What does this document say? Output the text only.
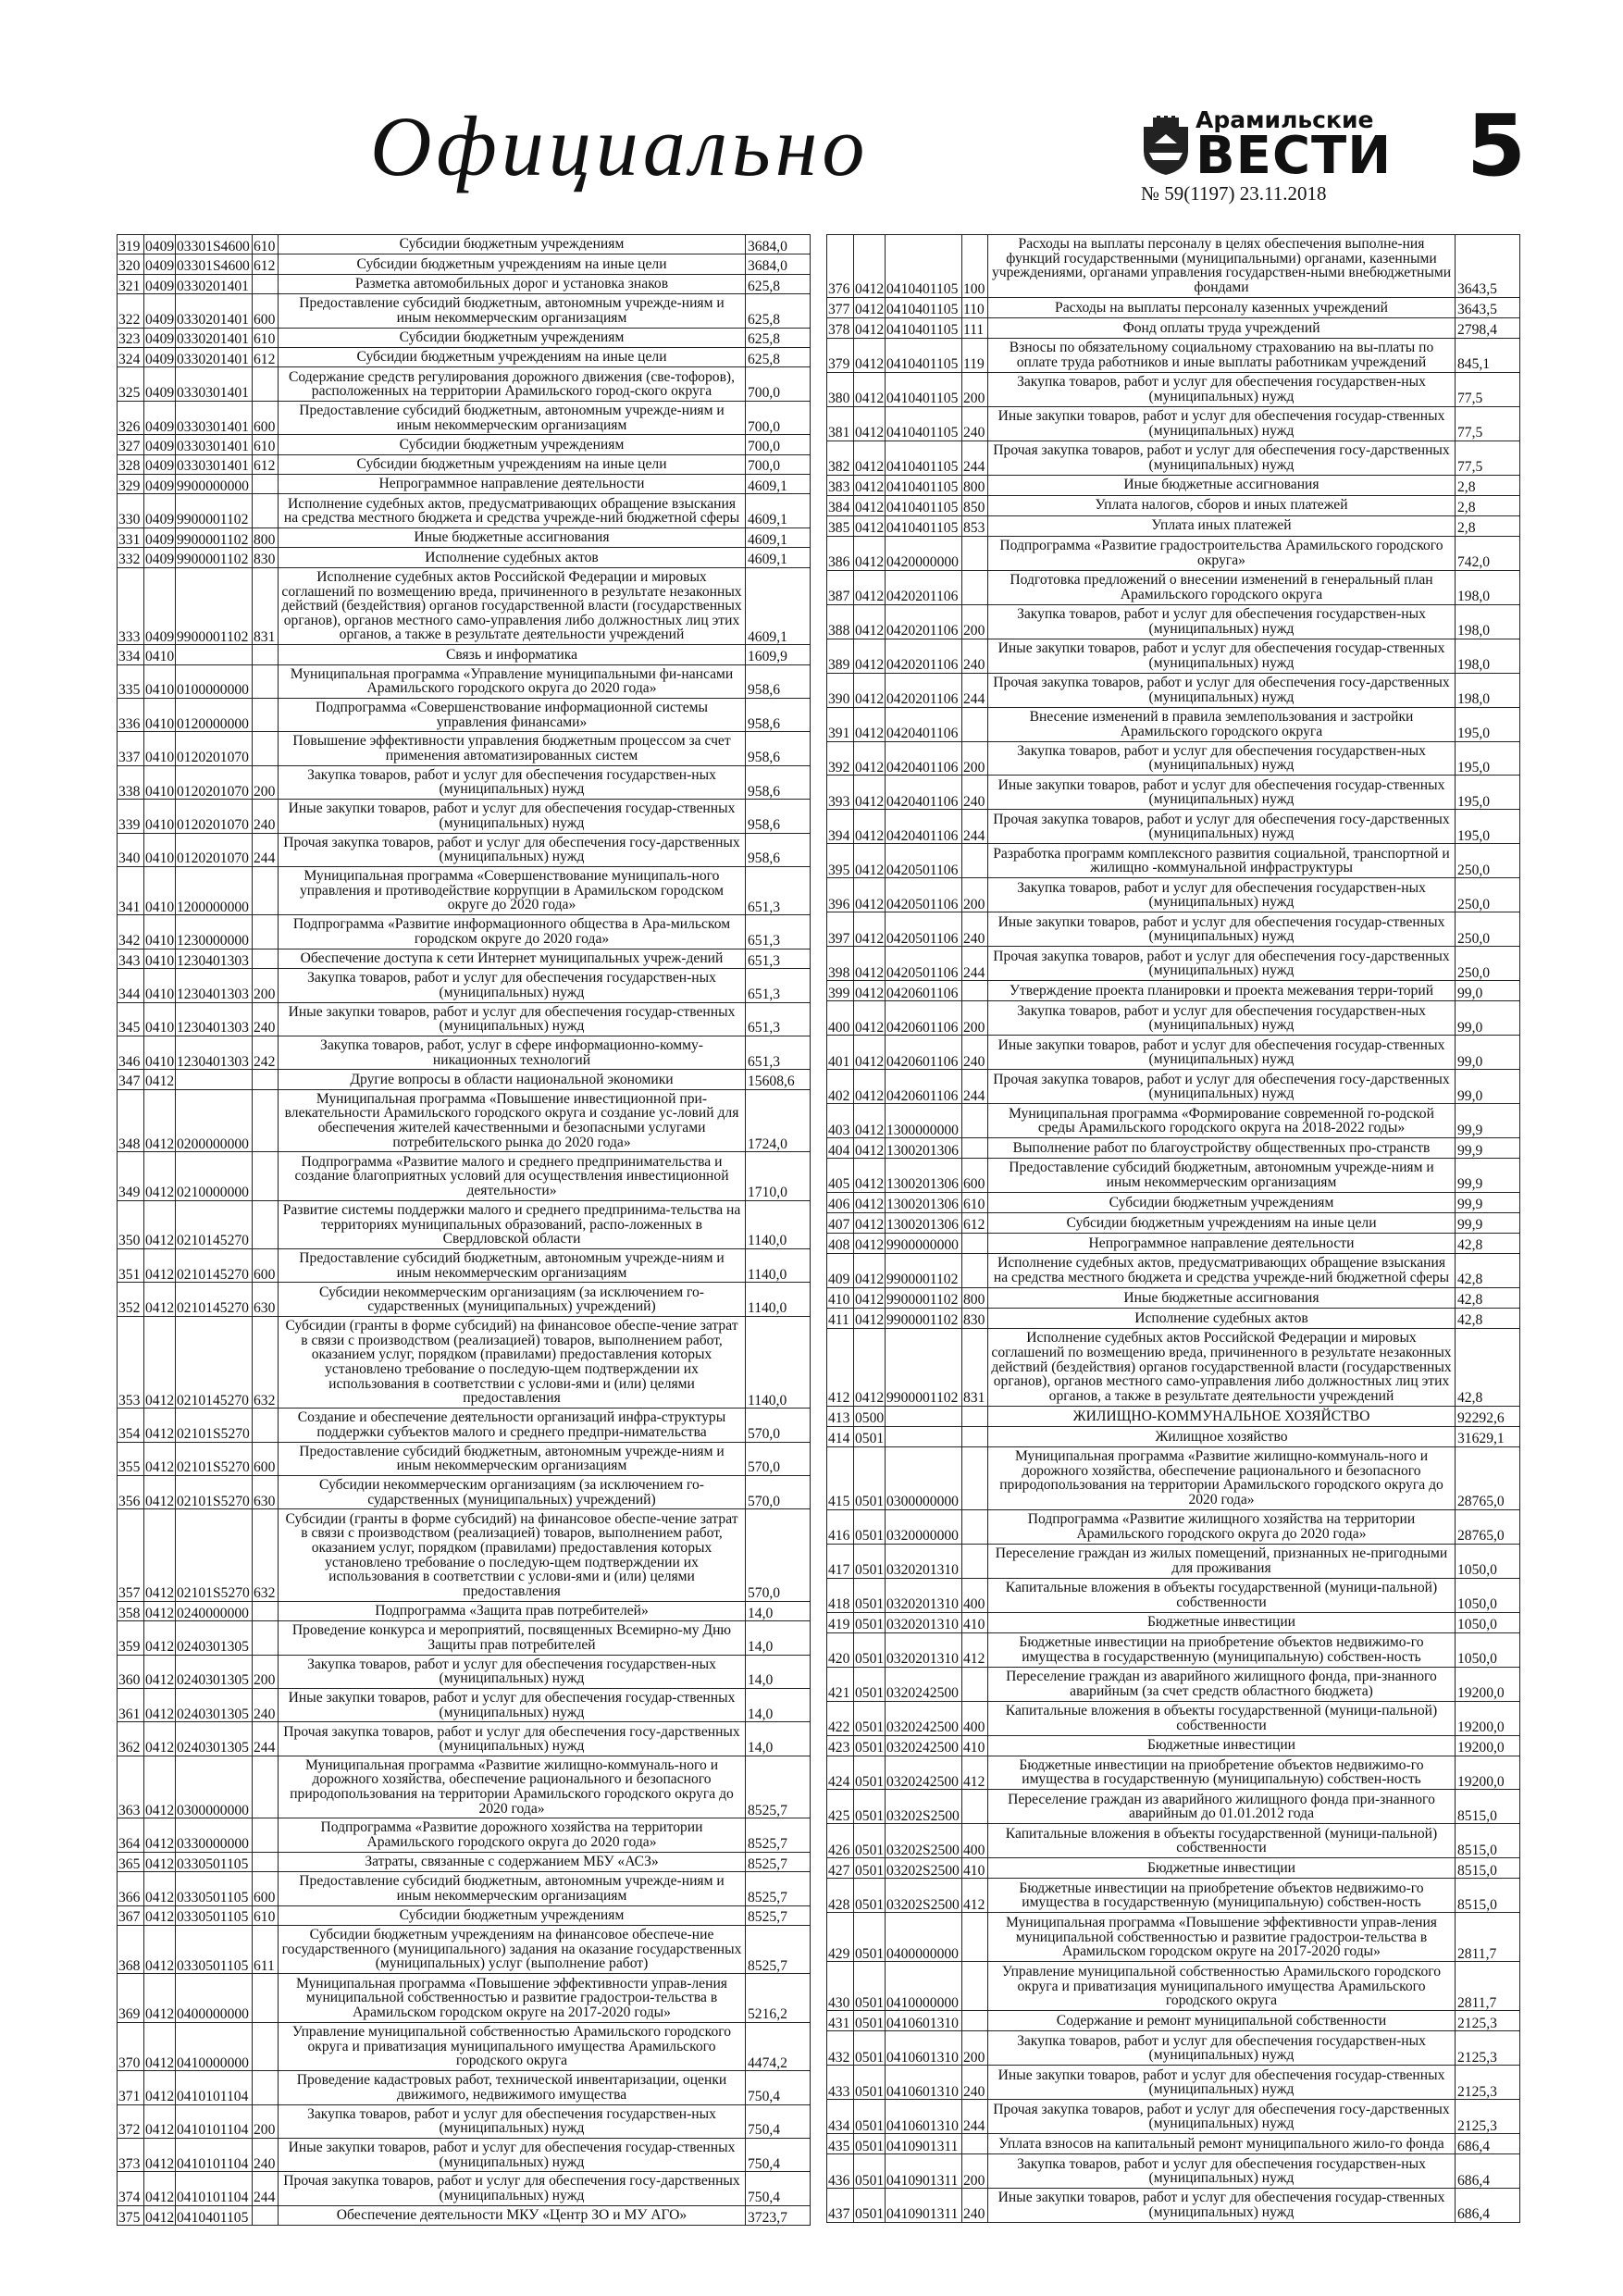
Официально	Арамильские
ВЕСТИ
№ 59(1197) 23.11.2018 5
319	0409	03301S4600	610	Субсидии бюджетным учреждениям	3684,0
320	0409	03301S4600	612	Субсидии бюджетным учреждениям на иные цели	3684,0
321	0409	0330201401		Разметка автомобильных дорог и установка знаков	625,8
322	0409	0330201401	600	Предоставление субсидий бюджетным, автономным учрежде-ниям и иным некоммерческим организациям	625,8
323	0409	0330201401	610	Субсидии бюджетным учреждениям	625,8
324	0409	0330201401	612	Субсидии бюджетным учреждениям на иные цели	625,8
325	0409	0330301401		Содержание средств регулирования дорожного движения (све-тофоров), расположенных на территории Арамильского город-ского округа	700,0
326	0409	0330301401	600	Предоставление субсидий бюджетным, автономным учрежде-ниям и иным некоммерческим организациям	700,0
327	0409	0330301401	610	Субсидии бюджетным учреждениям	700,0
328	0409	0330301401	612	Субсидии бюджетным учреждениям на иные цели	700,0
329	0409	9900000000		Непрограммное направление деятельности	4609,1
330	0409	9900001102		Исполнение судебных актов, предусматривающих обращение взыскания на средства местного бюджета и средства учрежде-ний бюджетной сферы	4609,1
331	0409	9900001102	800	Иные бюджетные ассигнования	4609,1
332	0409	9900001102	830	Исполнение судебных актов	4609,1
333	0409	9900001102	831	Исполнение судебных актов Российской Федерации и мировых соглашений по возмещению вреда, причиненного в результате незаконных действий (бездействия) органов государственной власти (государственных органов), органов местного само-управления либо должностных лиц этих органов, а также в результате деятельности учреждений	4609,1
334	0410			Связь и информатика	1609,9
335	0410	0100000000		Муниципальная программа «Управление муниципальными фи-нансами Арамильского городского округа до 2020 года»	958,6
336	0410	0120000000		Подпрограмма «Совершенствование информационной системы управления финансами»	958,6
337	0410	0120201070		Повышение эффективности управления бюджетным процессом за счет применения автоматизированных систем	958,6
338	0410	0120201070	200	Закупка товаров, работ и услуг для обеспечения государствен-ных (муниципальных) нужд	958,6
339	0410	0120201070	240	Иные закупки товаров, работ и услуг для обеспечения государ-ственных (муниципальных) нужд	958,6
340	0410	0120201070	244	Прочая закупка товаров, работ и услуг для обеспечения госу-дарственных (муниципальных) нужд	958,6
341	0410	1200000000		Муниципальная программа «Совершенствование муниципаль-ного управления и противодействие коррупции в Арамильском городском округе до 2020 года»	651,3
342	0410	1230000000		Подпрограмма «Развитие информационного общества в Ара-мильском городском округе до 2020 года»	651,3
343	0410	1230401303		Обеспечение доступа к сети Интернет муниципальных учреж-дений	651,3
344	0410	1230401303	200	Закупка товаров, работ и услуг для обеспечения государствен-ных (муниципальных) нужд	651,3
345	0410	1230401303	240	Иные закупки товаров, работ и услуг для обеспечения государ-ственных (муниципальных) нужд	651,3
346	0410	1230401303	242	Закупка товаров, работ, услуг в сфере информационно-комму-никационных технологий	651,3
347	0412			Другие вопросы в области национальной экономики	15608,6
348	0412	0200000000		Муниципальная программа «Повышение инвестиционной при-влекательности Арамильского городского округа и создание ус-ловий для обеспечения жителей качественными и безопасными услугами потребительского рынка до 2020 года»	1724,0
349	0412	0210000000		Подпрограмма «Развитие малого и среднего предпринимательства и создание благоприятных условий для осуществления инвестиционной деятельности»	1710,0
350	0412	0210145270		Развитие системы поддержки малого и среднего предпринима-тельства на территориях муниципальных образований, распо-ложенных в Свердловской области	1140,0
351	0412	0210145270	600	Предоставление субсидий бюджетным, автономным учрежде-ниям и иным некоммерческим организациям	1140,0
352	0412	0210145270	630	Субсидии некоммерческим организациям (за исключением го-сударственных (муниципальных) учреждений)	1140,0
353	0412	0210145270	632	Субсидии (гранты в форме субсидий) на финансовое обеспе-чение затрат в связи с производством (реализацией) товаров, выполнением работ, оказанием услуг, порядком (правилами) предоставления которых установлено требование о последую-щем подтверждении их использования в соответствии с услови-ями и (или) целями предоставления	1140,0
354	0412	02101S5270		Создание и обеспечение деятельности организаций инфра-структуры поддержки субъектов малого и среднего предпри-нимательства	570,0
355	0412	02101S5270	600	Предоставление субсидий бюджетным, автономным учрежде-ниям и иным некоммерческим организациям	570,0
356	0412	02101S5270	630	Субсидии некоммерческим организациям (за исключением го-сударственных (муниципальных) учреждений)	570,0
357	0412	02101S5270	632	Субсидии (гранты в форме субсидий) на финансовое обеспе-чение затрат в связи с производством (реализацией) товаров, выполнением работ, оказанием услуг, порядком (правилами) предоставления которых установлено требование о последую-щем подтверждении их использования в соответствии с услови-ями и (или) целями предоставления	570,0
358	0412	0240000000		Подпрограмма «Защита прав потребителей»	14,0
359	0412	0240301305		Проведение конкурса и мероприятий, посвященных Всемирно-му Дню Защиты прав потребителей	14,0
360	0412	0240301305	200	Закупка товаров, работ и услуг для обеспечения государствен-ных (муниципальных) нужд	14,0
361	0412	0240301305	240	Иные закупки товаров, работ и услуг для обеспечения государ-ственных (муниципальных) нужд	14,0
362	0412	0240301305	244	Прочая закупка товаров, работ и услуг для обеспечения госу-дарственных (муниципальных) нужд	14,0
363	0412	0300000000		Муниципальная программа «Развитие жилищно-коммуналь-ного и дорожного хозяйства, обеспечение рационального и безопасного природопользования на территории Арамильского городского округа до 2020 года»	8525,7
364	0412	0330000000		Подпрограмма «Развитие дорожного хозяйства на территории Арамильского городского округа до 2020 года»	8525,7
365	0412	0330501105		Затраты, связанные с содержанием МБУ «АСЗ»	8525,7
366	0412	0330501105	600	Предоставление субсидий бюджетным, автономным учрежде-ниям и иным некоммерческим организациям	8525,7
367	0412	0330501105	610	Субсидии бюджетным учреждениям	8525,7
368	0412	0330501105	611	Субсидии бюджетным учреждениям на финансовое обеспече-ние государственного (муниципального) задания на оказание государственных (муниципальных) услуг (выполнение работ)	8525,7
369	0412	0400000000		Муниципальная программа «Повышение эффективности управ-ления муниципальной собственностью и развитие градострои-тельства в Арамильском городском округе на 2017-2020 годы»	5216,2
370	0412	0410000000		Управление муниципальной собственностью Арамильского городского округа и приватизация муниципального имущества Арамильского городского округа	4474,2
371	0412	0410101104		Проведение кадастровых работ, технической инвентаризации, оценки движимого, недвижимого имущества	750,4
372	0412	0410101104	200	Закупка товаров, работ и услуг для обеспечения государствен-ных (муниципальных) нужд	750,4
373	0412	0410101104	240	Иные закупки товаров, работ и услуг для обеспечения государ-ственных (муниципальных) нужд	750,4
374	0412	0410101104	244	Прочая закупка товаров, работ и услуг для обеспечения госу-дарственных (муниципальных) нужд	750,4
375	0412	0410401105		Обеспечение деятельности МКУ «Центр ЗО и МУ АГО»	3723,7
376	0412	0410401105	100	Расходы на выплаты персоналу в целях обеспечения выполне-ния функций государственными (муниципальными) органами, казенными учреждениями, органами управления государствен-ными внебюджетными фондами	3643,5
377	0412	0410401105	110	Расходы на выплаты персоналу казенных учреждений	3643,5
378	0412	0410401105	111	Фонд оплаты труда учреждений	2798,4
379	0412	0410401105	119	Взносы по обязательному социальному страхованию на вы-платы по оплате труда работников и иные выплаты работникам учреждений	845,1
380	0412	0410401105	200	Закупка товаров, работ и услуг для обеспечения государствен-ных (муниципальных) нужд	77,5
381	0412	0410401105	240	Иные закупки товаров, работ и услуг для обеспечения государ-ственных (муниципальных) нужд	77,5
382	0412	0410401105	244	Прочая закупка товаров, работ и услуг для обеспечения госу-дарственных (муниципальных) нужд	77,5
383	0412	0410401105	800	Иные бюджетные ассигнования	2,8
384	0412	0410401105	850	Уплата налогов, сборов и иных платежей	2,8
385	0412	0410401105	853	Уплата иных платежей	2,8
386	0412	0420000000		Подпрограмма «Развитие градостроительства Арамильского городского округа»	742,0
387	0412	0420201106		Подготовка предложений о внесении изменений в генеральный план Арамильского городского округа	198,0
388	0412	0420201106	200	Закупка товаров, работ и услуг для обеспечения государствен-ных (муниципальных) нужд	198,0
389	0412	0420201106	240	Иные закупки товаров, работ и услуг для обеспечения государ-ственных (муниципальных) нужд	198,0
390	0412	0420201106	244	Прочая закупка товаров, работ и услуг для обеспечения госу-дарственных (муниципальных) нужд	198,0
391	0412	0420401106		Внесение изменений в правила землепользования и застройки Арамильского городского округа	195,0
392	0412	0420401106	200	Закупка товаров, работ и услуг для обеспечения государствен-ных (муниципальных) нужд	195,0
393	0412	0420401106	240	Иные закупки товаров, работ и услуг для обеспечения государ-ственных (муниципальных) нужд	195,0
394	0412	0420401106	244	Прочая закупка товаров, работ и услуг для обеспечения госу-дарственных (муниципальных) нужд	195,0
395	0412	0420501106		Разработка программ комплексного развития социальной, транспортной и жилищно -коммунальной инфраструктуры	250,0
396	0412	0420501106	200	Закупка товаров, работ и услуг для обеспечения государствен-ных (муниципальных) нужд	250,0
397	0412	0420501106	240	Иные закупки товаров, работ и услуг для обеспечения государ-ственных (муниципальных) нужд	250,0
398	0412	0420501106	244	Прочая закупка товаров, работ и услуг для обеспечения госу-дарственных (муниципальных) нужд	250,0
399	0412	0420601106		Утверждение проекта планировки и проекта межевания терри-торий	99,0
400	0412	0420601106	200	Закупка товаров, работ и услуг для обеспечения государствен-ных (муниципальных) нужд	99,0
401	0412	0420601106	240	Иные закупки товаров, работ и услуг для обеспечения государ-ственных (муниципальных) нужд	99,0
402	0412	0420601106	244	Прочая закупка товаров, работ и услуг для обеспечения госу-дарственных (муниципальных) нужд	99,0
403	0412	1300000000		Муниципальная программа «Формирование современной го-родской среды Арамильского городского округа на 2018-2022 годы»	99,9
404	0412	1300201306		Выполнение работ по благоустройству общественных про-странств	99,9
405	0412	1300201306	600	Предоставление субсидий бюджетным, автономным учрежде-ниям и иным некоммерческим организациям	99,9
406	0412	1300201306	610	Субсидии бюджетным учреждениям	99,9
407	0412	1300201306	612	Субсидии бюджетным учреждениям на иные цели	99,9
408	0412	9900000000		Непрограммное направление деятельности	42,8
409	0412	9900001102		Исполнение судебных актов, предусматривающих обращение взыскания на средства местного бюджета и средства учрежде-ний бюджетной сферы	42,8
410	0412	9900001102	800	Иные бюджетные ассигнования	42,8
411	0412	9900001102	830	Исполнение судебных актов	42,8
412	0412	9900001102	831	Исполнение судебных актов Российской Федерации и мировых соглашений по возмещению вреда, причиненного в результате незаконных действий (бездействия) органов государственной власти (государственных органов), органов местного само-управления либо должностных лиц этих органов, а также в результате деятельности учреждений	42,8
413	0500			ЖИЛИЩНО-КОММУНАЛЬНОЕ ХОЗЯЙСТВО	92292,6
414	0501			Жилищное хозяйство	31629,1
415	0501	0300000000		Муниципальная программа «Развитие жилищно-коммуналь-ного и дорожного хозяйства, обеспечение рационального и безопасного природопользования на территории Арамильского городского округа до 2020 года»	28765,0
416	0501	0320000000		Подпрограмма «Развитие жилищного хозяйства на территории Арамильского городского округа до 2020 года»	28765,0
417	0501	0320201310		Переселение граждан из жилых помещений, признанных не-пригодными для проживания	1050,0
418	0501	0320201310	400	Капитальные вложения в объекты государственной (муници-пальной) собственности	1050,0
419	0501	0320201310	410	Бюджетные инвестиции	1050,0
420	0501	0320201310	412	Бюджетные инвестиции на приобретение объектов недвижимо-го имущества в государственную (муниципальную) собствен-ность	1050,0
421	0501	0320242500		Переселение граждан из аварийного жилищного фонда, при-знанного аварийным (за счет средств областного бюджета)	19200,0
422	0501	0320242500	400	Капитальные вложения в объекты государственной (муници-пальной) собственности	19200,0
423	0501	0320242500	410	Бюджетные инвестиции	19200,0
424	0501	0320242500	412	Бюджетные инвестиции на приобретение объектов недвижимо-го имущества в государственную (муниципальную) собствен-ность	19200,0
425	0501	03202S2500		Переселение граждан из аварийного жилищного фонда при-знанного аварийным до 01.01.2012 года	8515,0
426	0501	03202S2500	400	Капитальные вложения в объекты государственной (муници-пальной) собственности	8515,0
427	0501	03202S2500	410	Бюджетные инвестиции	8515,0
428	0501	03202S2500	412	Бюджетные инвестиции на приобретение объектов недвижимо-го имущества в государственную (муниципальную) собствен-ность	8515,0
429	0501	0400000000		Муниципальная программа «Повышение эффективности управ-ления муниципальной собственностью и развитие градострои-тельства в Арамильском городском округе на 2017-2020 годы»	2811,7
430	0501	0410000000		Управление муниципальной собственностью Арамильского городского округа и приватизация муниципального имущества Арамильского городского округа	2811,7
431	0501	0410601310		Содержание и ремонт муниципальной собственности	2125,3
432	0501	0410601310	200	Закупка товаров, работ и услуг для обеспечения государствен-ных (муниципальных) нужд	2125,3
433	0501	0410601310	240	Иные закупки товаров, работ и услуг для обеспечения государ-ственных (муниципальных) нужд	2125,3
434	0501	0410601310	244	Прочая закупка товаров, работ и услуг для обеспечения госу-дарственных (муниципальных) нужд	2125,3
435	0501	0410901311		Уплата взносов на капитальный ремонт муниципального жило-го фонда	686,4
436	0501	0410901311	200	Закупка товаров, работ и услуг для обеспечения государствен-ных (муниципальных) нужд	686,4
437	0501	0410901311	240	Иные закупки товаров, работ и услуг для обеспечения государ-ственных (муниципальных) нужд	686,4
